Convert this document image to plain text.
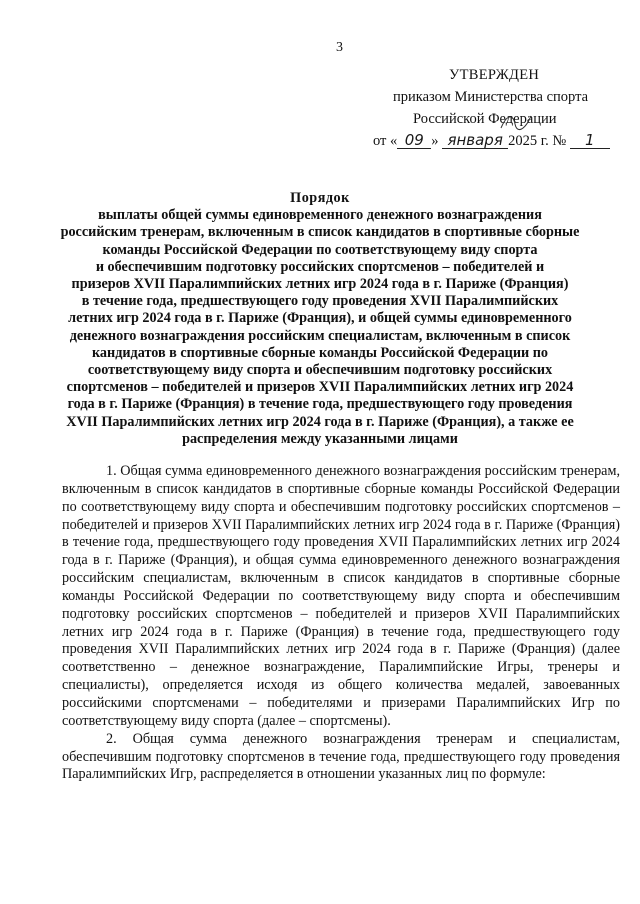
3
УТВЕРЖДЕН
приказом Министерства спорта
Российской Федерации
от « 09 » января 2025 г. № 1
Порядок
выплаты общей суммы единовременного денежного вознаграждения
российским тренерам, включенным в список кандидатов в спортивные сборные
команды Российской Федерации по соответствующему виду спорта
и обеспечившим подготовку российских спортсменов – победителей и
призеров XVII Паралимпийских летних игр 2024 года в г. Париже (Франция)
в течение года, предшествующего году проведения XVII Паралимпийских
летних игр 2024 года в г. Париже (Франция), и общей суммы единовременного
денежного вознаграждения российским специалистам, включенным в список
кандидатов в спортивные сборные команды Российской Федерации по
соответствующему виду спорта и обеспечившим подготовку российских
спортсменов – победителей и призеров XVII Паралимпийских летних игр 2024
года в г. Париже (Франция) в течение года, предшествующего году проведения
XVII Паралимпийских летних игр 2024 года в г. Париже (Франция), а также ее
распределения между указанными лицами

1. Общая сумма единовременного денежного вознаграждения российским тренерам, включенным в список кандидатов в спортивные сборные команды Российской Федерации по соответствующему виду спорта и обеспечившим подготовку российских спортсменов – победителей и призеров XVII Паралимпийских летних игр 2024 года в г. Париже (Франция) в течение года, предшествующего году проведения XVII Паралимпийских летних игр 2024 года в г. Париже (Франция), и общая сумма единовременного денежного вознаграждения российским специалистам, включенным в список кандидатов в спортивные сборные команды Российской Федерации по соответствующему виду спорта и обеспечившим подготовку российских спортсменов – победителей и призеров XVII Паралимпийских летних игр 2024 года в г. Париже (Франция) в течение года, предшествующего году проведения XVII Паралимпийских летних игр 2024 года в г. Париже (Франция) (далее соответственно – денежное вознаграждение, Паралимпийские Игры, тренеры и специалисты), определяется исходя из общего количества медалей, завоеванных российскими спортсменами – победителями и призерами Паралимпийских Игр по соответствующему виду спорта (далее – спортсмены).

2. Общая сумма денежного вознаграждения тренерам и специалистам, обеспечившим подготовку спортсменов в течение года, предшествующего году проведения Паралимпийских Игр, распределяется в отношении указанных лиц по формуле:
